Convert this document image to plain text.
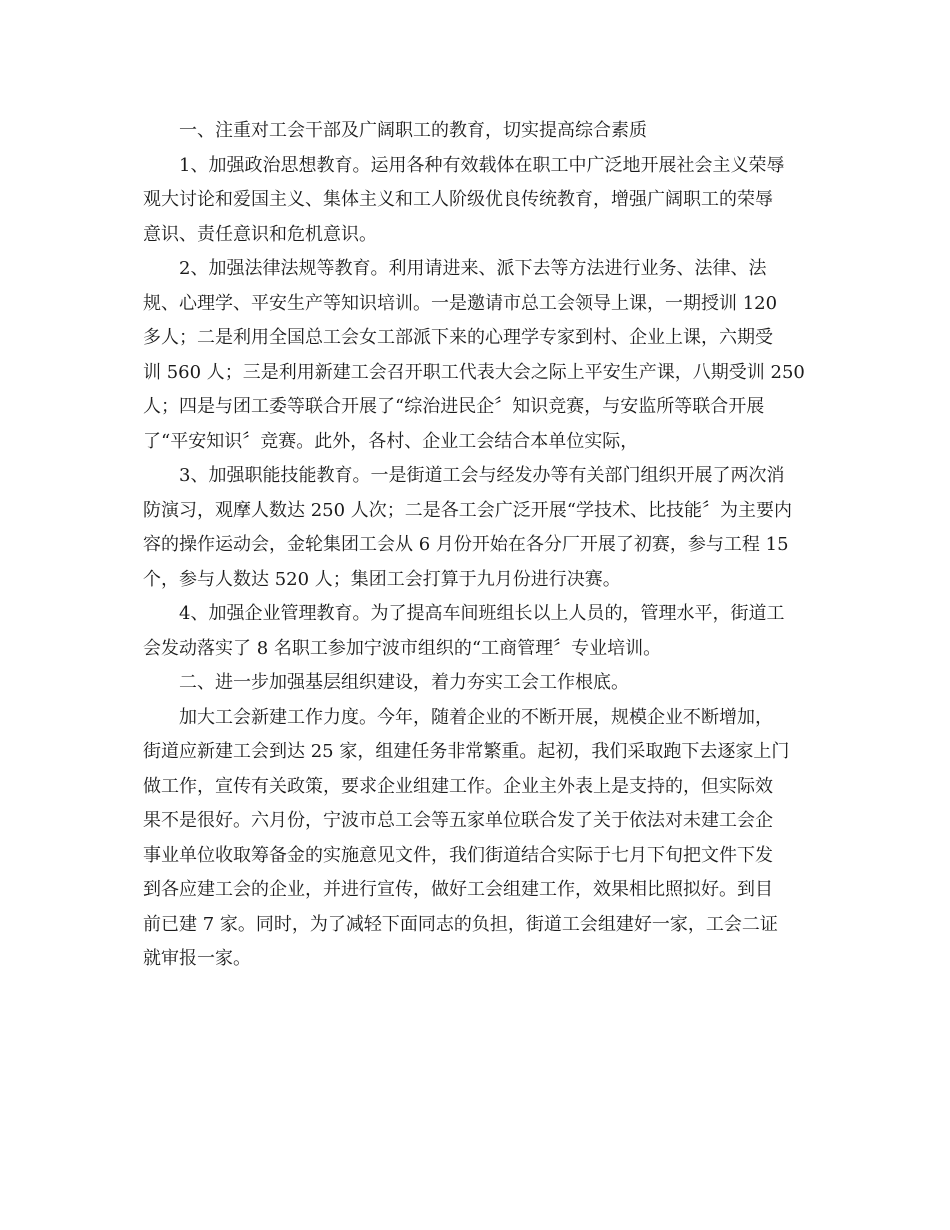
一、注重对工会干部及广阔职工的教育，切实提高综合素质
1、加强政治思想教育。运用各种有效载体在职工中广泛地开展社会主义荣辱
观大讨论和爱国主义、集体主义和工人阶级优良传统教育，增强广阔职工的荣辱
意识、责任意识和危机意识。
2、加强法律法规等教育。利用请进来、派下去等方法进行业务、法律、法
规、心理学、平安生产等知识培训。一是邀请市总工会领导上课，一期授训 120
多人；二是利用全国总工会女工部派下来的心理学专家到村、企业上课，六期受
训 560 人；三是利用新建工会召开职工代表大会之际上平安生产课，八期受训 250
人；四是与团工委等联合开展了“综治进民企〞知识竞赛，与安监所等联合开展
了“平安知识〞竞赛。此外，各村、企业工会结合本单位实际，
3、加强职能技能教育。一是街道工会与经发办等有关部门组织开展了两次消
防演习，观摩人数达 250 人次；二是各工会广泛开展“学技术、比技能〞为主要内
容的操作运动会，金轮集团工会从 6 月份开始在各分厂开展了初赛，参与工程 15
个，参与人数达 520 人；集团工会打算于九月份进行决赛。
4、加强企业管理教育。为了提高车间班组长以上人员的，管理水平，街道工
会发动落实了 8 名职工参加宁波市组织的“工商管理〞专业培训。
二、进一步加强基层组织建设，着力夯实工会工作根底。
加大工会新建工作力度。今年，随着企业的不断开展，规模企业不断增加，
街道应新建工会到达 25 家，组建任务非常繁重。起初，我们采取跑下去逐家上门
做工作，宣传有关政策，要求企业组建工作。企业主外表上是支持的，但实际效
果不是很好。六月份，宁波市总工会等五家单位联合发了关于依法对未建工会企
事业单位收取筹备金的实施意见文件，我们街道结合实际于七月下旬把文件下发
到各应建工会的企业，并进行宣传，做好工会组建工作，效果相比照拟好。到目
前已建 7 家。同时，为了减轻下面同志的负担，街道工会组建好一家，工会二证
就审报一家。
